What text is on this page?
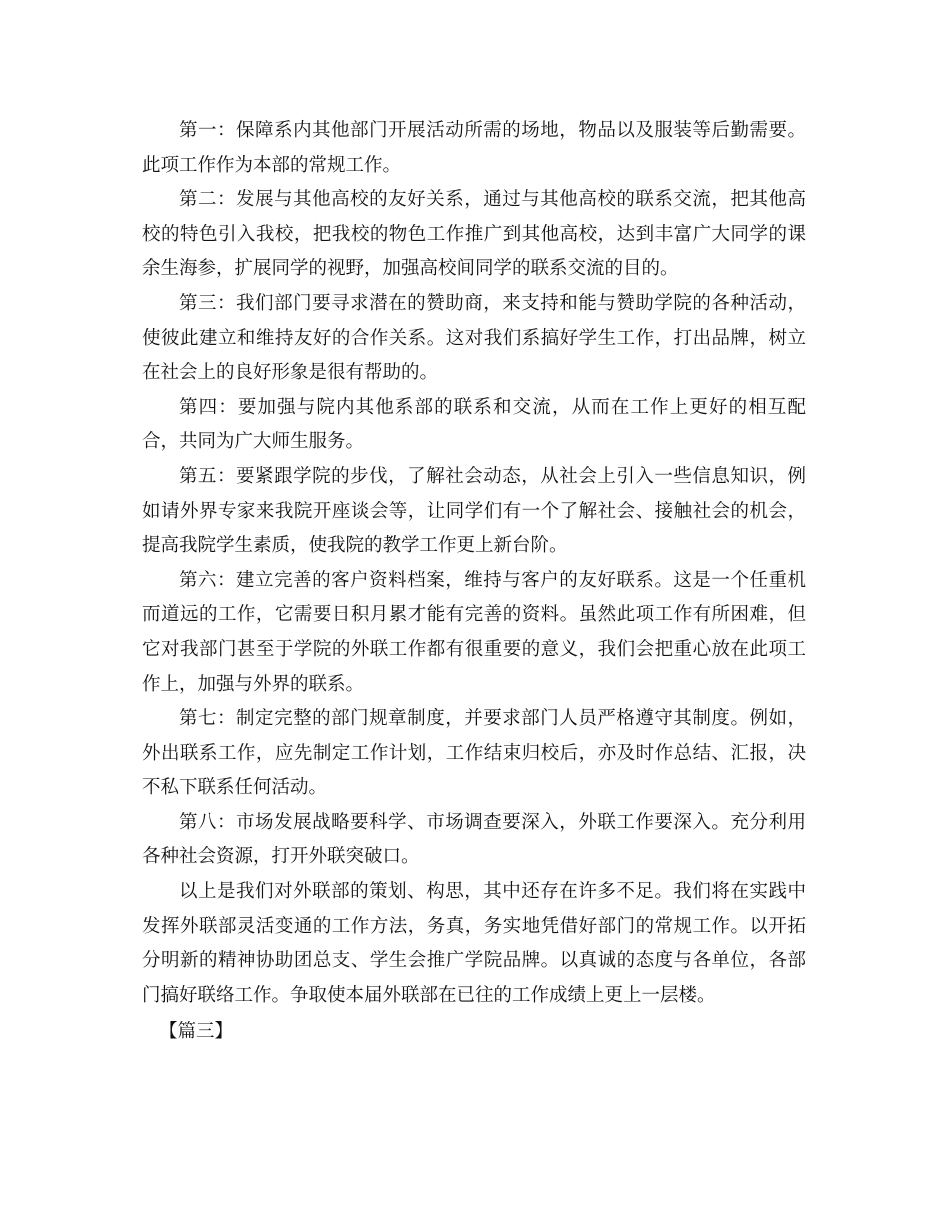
第一：保障系内其他部门开展活动所需的场地，物品以及服装等后勤需要。此项工作作为本部的常规工作。

第二：发展与其他高校的友好关系，通过与其他高校的联系交流，把其他高校的特色引入我校，把我校的物色工作推广到其他高校，达到丰富广大同学的课余生海参，扩展同学的视野，加强高校间同学的联系交流的目的。

第三：我们部门要寻求潜在的赞助商，来支持和能与赞助学院的各种活动，使彼此建立和维持友好的合作关系。这对我们系搞好学生工作，打出品牌，树立在社会上的良好形象是很有帮助的。

第四：要加强与院内其他系部的联系和交流，从而在工作上更好的相互配合，共同为广大师生服务。

第五：要紧跟学院的步伐，了解社会动态，从社会上引入一些信息知识，例如请外界专家来我院开座谈会等，让同学们有一个了解社会、接触社会的机会，提高我院学生素质，使我院的教学工作更上新台阶。

第六：建立完善的客户资料档案，维持与客户的友好联系。这是一个任重机而道远的工作，它需要日积月累才能有完善的资料。虽然此项工作有所困难，但它对我部门甚至于学院的外联工作都有很重要的意义，我们会把重心放在此项工作上，加强与外界的联系。

第七：制定完整的部门规章制度，并要求部门人员严格遵守其制度。例如，外出联系工作，应先制定工作计划，工作结束归校后，亦及时作总结、汇报，决不私下联系任何活动。

第八：市场发展战略要科学、市场调查要深入，外联工作要深入。充分利用各种社会资源，打开外联突破口。

以上是我们对外联部的策划、构思，其中还存在许多不足。我们将在实践中发挥外联部灵活变通的工作方法，务真，务实地凭借好部门的常规工作。以开拓分明新的精神协助团总支、学生会推广学院品牌。以真诚的态度与各单位，各部门搞好联络工作。争取使本届外联部在已往的工作成绩上更上一层楼。

【篇三】
